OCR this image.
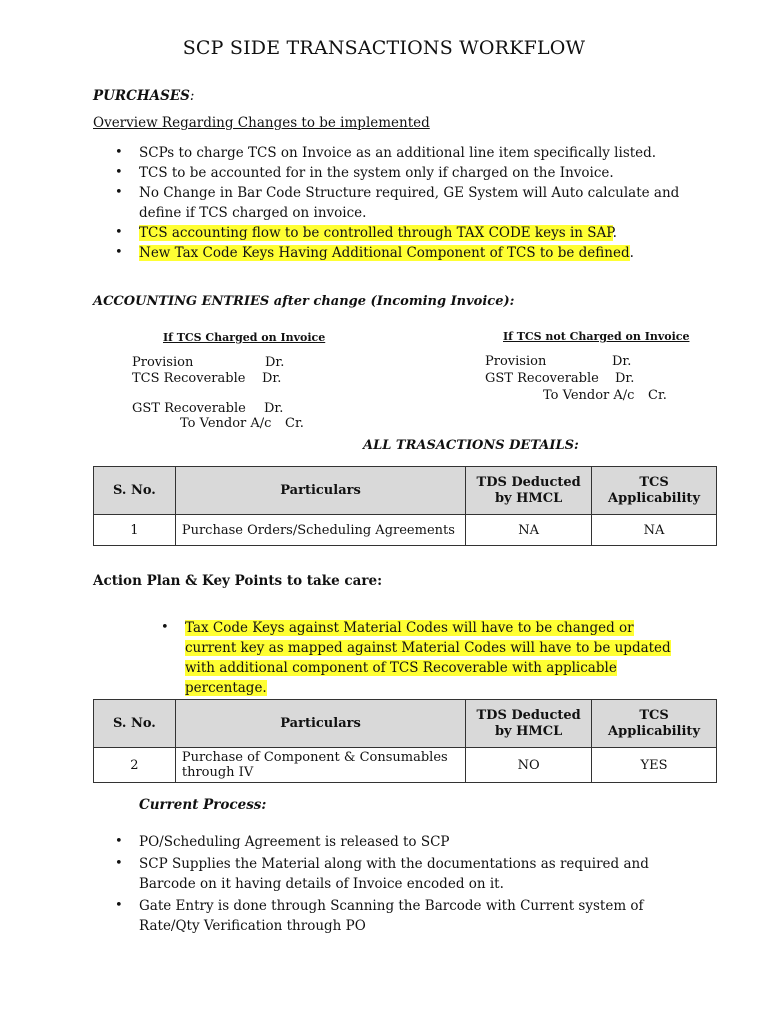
SCP SIDE TRANSACTIONS WORKFLOW
PURCHASES:
Overview Regarding Changes to be implemented
• SCPs to charge TCS on Invoice as an additional line item specifically listed.
• TCS to be accounted for in the system only if charged on the Invoice.
• No Change in Bar Code Structure required, GE System will Auto calculate and define if TCS charged on invoice.
• TCS accounting flow to be controlled through TAX CODE keys in SAP.
• New Tax Code Keys Having Additional Component of TCS to be defined.
ACCOUNTING ENTRIES after change (Incoming Invoice):
If TCS Charged on Invoice	If TCS not Charged on Invoice
Provision	Dr.
TCS Recoverable Dr.
GST Recoverable Dr.
To Vendor A/c Cr.
Provision	Dr.
GST Recoverable Dr.
To Vendor A/c Cr.
ALL TRASACTIONS DETAILS:
S. No.	Particulars	TDS Deducted by HMCL	TCS Applicability
1	Purchase Orders/Scheduling Agreements	NA	NA
Action Plan & Key Points to take care:
• Tax Code Keys against Material Codes will have to be changed or current key as mapped against Material Codes will have to be updated with additional component of TCS Recoverable with applicable percentage.
S. No.	Particulars	TDS Deducted by HMCL	TCS Applicability
2	Purchase of Component & Consumables through IV	NO	YES
Current Process:
• PO/Scheduling Agreement is released to SCP
• SCP Supplies the Material along with the documentations as required and Barcode on it having details of Invoice encoded on it.
• Gate Entry is done through Scanning the Barcode with Current system of Rate/Qty Verification through PO
